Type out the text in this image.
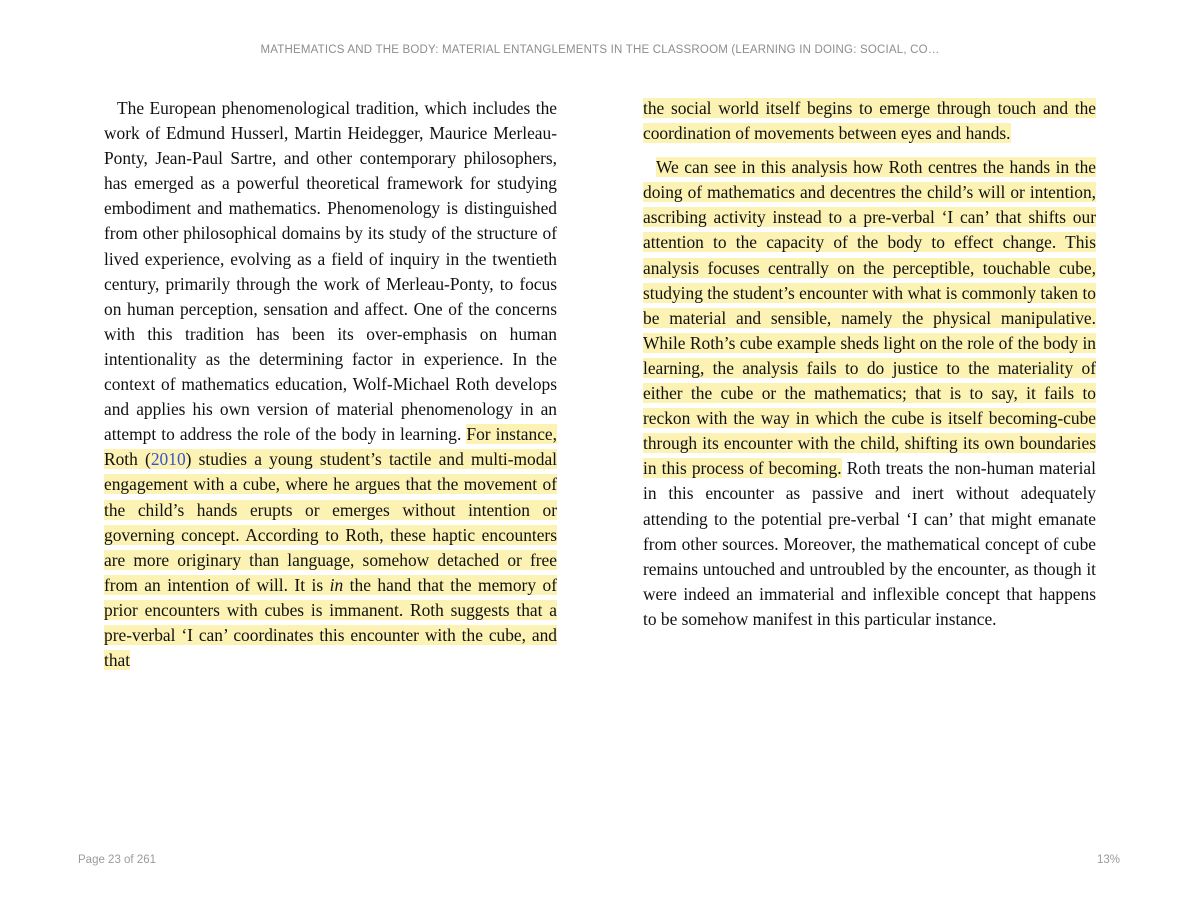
MATHEMATICS AND THE BODY: MATERIAL ENTANGLEMENTS IN THE CLASSROOM (LEARNING IN DOING: SOCIAL, CO…

The European phenomenological tradition, which includes the work of Edmund Husserl, Martin Heidegger, Maurice Merleau-Ponty, Jean-Paul Sartre, and other contemporary philosophers, has emerged as a powerful theoretical framework for studying embodiment and mathematics. Phenomenology is distinguished from other philosophical domains by its study of the structure of lived experience, evolving as a field of inquiry in the twentieth century, primarily through the work of Merleau-Ponty, to focus on human perception, sensation and affect. One of the concerns with this tradition has been its over-emphasis on human intentionality as the determining factor in experience. In the context of mathematics education, Wolf-Michael Roth develops and applies his own version of material phenomenology in an attempt to address the role of the body in learning. For instance, Roth (2010) studies a young student’s tactile and multi-modal engagement with a cube, where he argues that the movement of the child’s hands erupts or emerges without intention or governing concept. According to Roth, these haptic encounters are more originary than language, somehow detached or free from an intention of will. It is in the hand that the memory of prior encounters with cubes is immanent. Roth suggests that a pre-verbal ‘I can’ coordinates this encounter with the cube, and that

the social world itself begins to emerge through touch and the coordination of movements between eyes and hands.

We can see in this analysis how Roth centres the hands in the doing of mathematics and decentres the child’s will or intention, ascribing activity instead to a pre-verbal ‘I can’ that shifts our attention to the capacity of the body to effect change. This analysis focuses centrally on the perceptible, touchable cube, studying the student’s encounter with what is commonly taken to be material and sensible, namely the physical manipulative. While Roth’s cube example sheds light on the role of the body in learning, the analysis fails to do justice to the materiality of either the cube or the mathematics; that is to say, it fails to reckon with the way in which the cube is itself becoming-cube through its encounter with the child, shifting its own boundaries in this process of becoming. Roth treats the non-human material in this encounter as passive and inert without adequately attending to the potential pre-verbal ‘I can’ that might emanate from other sources. Moreover, the mathematical concept of cube remains untouched and untroubled by the encounter, as though it were indeed an immaterial and inflexible concept that happens to be somehow manifest in this particular instance.

Page 23 of 261	13%
